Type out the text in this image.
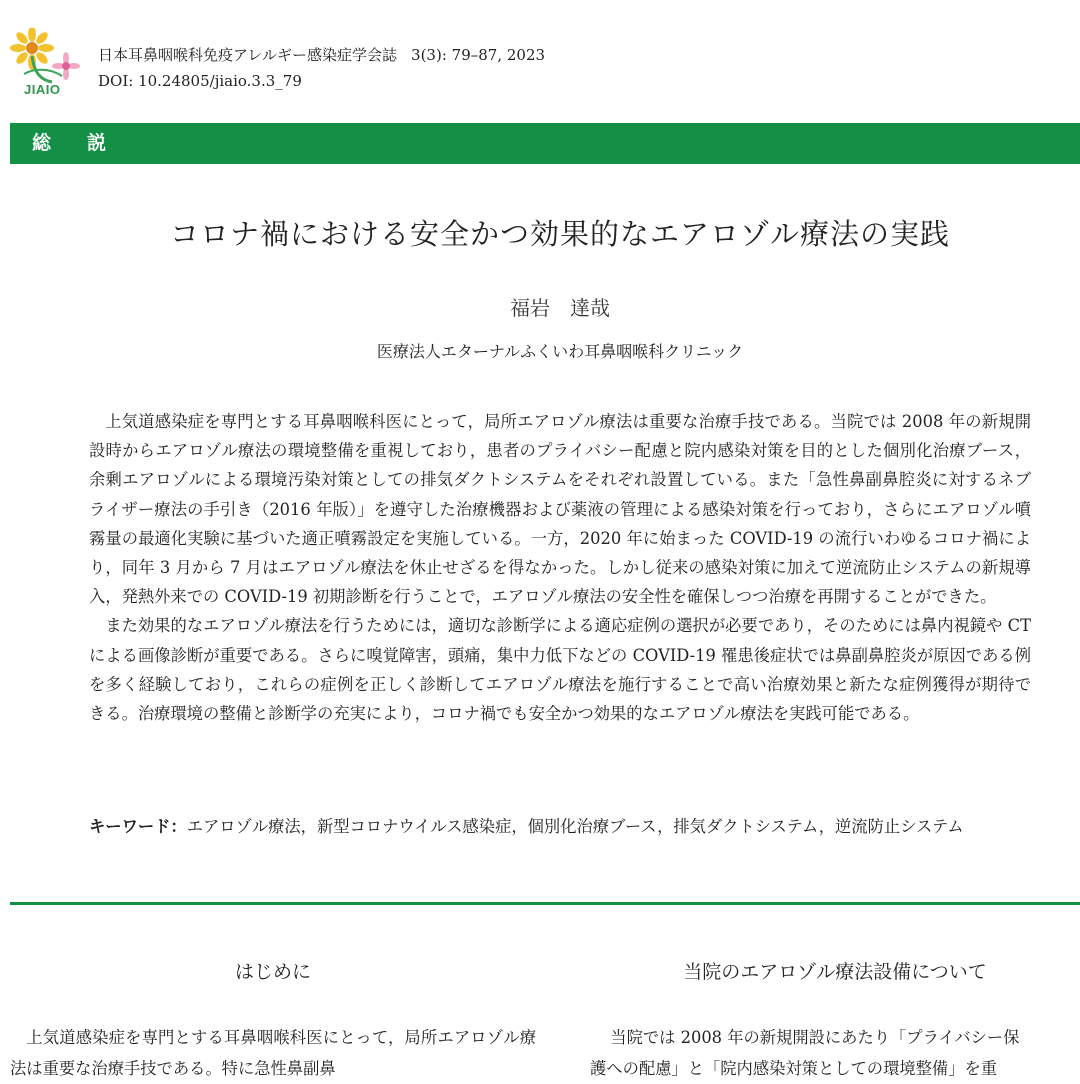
JIAIO
日本耳鼻咽喉科免疫アレルギー感染症学会誌 3(3): 79–87, 2023
DOI: 10.24805/jiaio.3.3_79
総説
コロナ禍における安全かつ効果的なエアロゾル療法の実践
福岩　達哉
医療法人エターナルふくいわ耳鼻咽喉科クリニック

上気道感染症を専門とする耳鼻咽喉科医にとって，局所エアロゾル療法は重要な治療手技である。当院では 2008 年の新規開設時からエアロゾル療法の環境整備を重視しており，患者のプライバシー配慮と院内感染対策を目的とした個別化治療ブース，余剰エアロゾルによる環境汚染対策としての排気ダクトシステムをそれぞれ設置している。また「急性鼻副鼻腔炎に対するネブライザー療法の手引き（2016 年版）」を遵守した治療機器および薬液の管理による感染対策を行っており，さらにエアロゾル噴霧量の最適化実験に基づいた適正噴霧設定を実施している。一方，2020 年に始まった COVID-19 の流行いわゆるコロナ禍により，同年 3 月から 7 月はエアロゾル療法を休止せざるを得なかった。しかし従来の感染対策に加えて逆流防止システムの新規導入，発熱外来での COVID-19 初期診断を行うことで，エアロゾル療法の安全性を確保しつつ治療を再開することができた。

また効果的なエアロゾル療法を行うためには，適切な診断学による適応症例の選択が必要であり，そのためには鼻内視鏡や CT による画像診断が重要である。さらに嗅覚障害，頭痛，集中力低下などの COVID-19 罹患後症状では鼻副鼻腔炎が原因である例を多く経験しており，これらの症例を正しく診断してエアロゾル療法を施行することで高い治療効果と新たな症例獲得が期待できる。治療環境の整備と診断学の充実により，コロナ禍でも安全かつ効果的なエアロゾル療法を実践可能である。

キーワード： エアロゾル療法，新型コロナウイルス感染症，個別化治療ブース，排気ダクトシステム，逆流防止システム
はじめに

上気道感染症を専門とする耳鼻咽喉科医にとって，局所エアロゾル療法は重要な治療手技である。特に急性鼻副鼻

当院のエアロゾル療法設備について

当院では 2008 年の新規開設にあたり「プライバシー保

護への配慮」と「院内感染対策としての環境整備」を重
